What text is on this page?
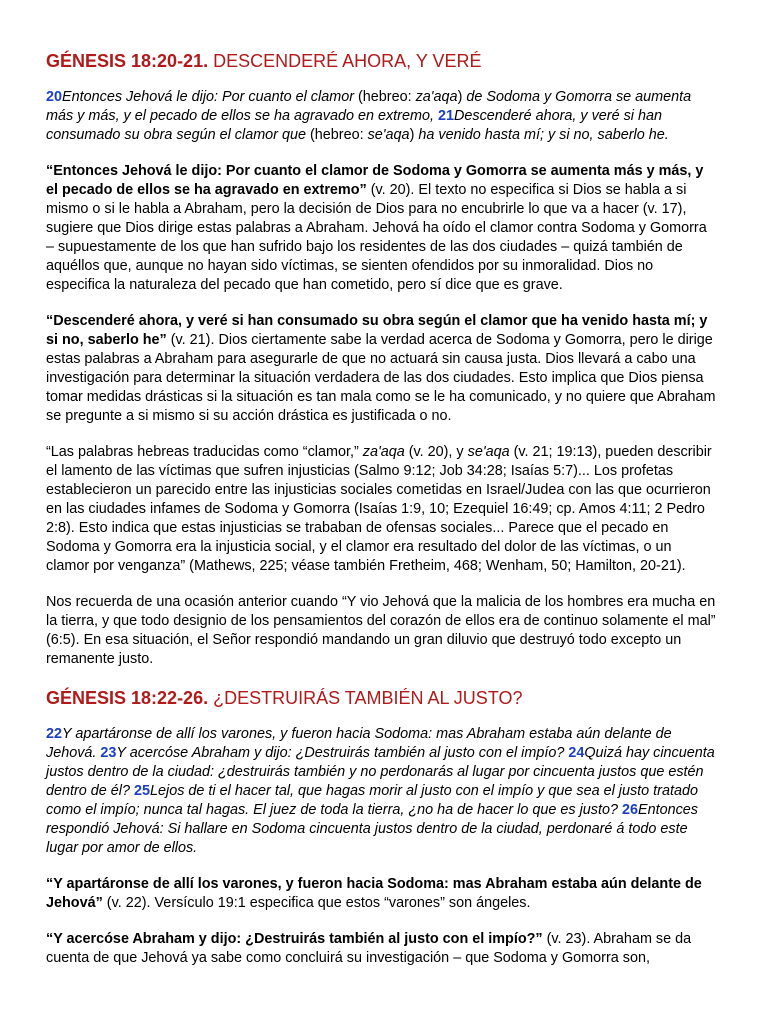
GÉNESIS 18:20-21. DESCENDERÉ AHORA, Y VERÉ

20Entonces Jehová le dijo: Por cuanto el clamor (hebreo: za'aqa) de Sodoma y Gomorra se aumenta más y más, y el pecado de ellos se ha agravado en extremo, 21Descenderé ahora, y veré si han consumado su obra según el clamor que (hebreo: se'aqa) ha venido hasta mí; y si no, saberlo he.

“Entonces Jehová le dijo: Por cuanto el clamor de Sodoma y Gomorra se aumenta más y más, y el pecado de ellos se ha agravado en extremo” (v. 20). El texto no especifica si Dios se habla a si mismo o si le habla a Abraham, pero la decisión de Dios para no encubrirle lo que va a hacer (v. 17), sugiere que Dios dirige estas palabras a Abraham. Jehová ha oído el clamor contra Sodoma y Gomorra – supuestamente de los que han sufrido bajo los residentes de las dos ciudades – quizá también de aquéllos que, aunque no hayan sido víctimas, se sienten ofendidos por su inmoralidad. Dios no especifica la naturaleza del pecado que han cometido, pero sí dice que es grave.

“Descenderé ahora, y veré si han consumado su obra según el clamor que ha venido hasta mí; y si no, saberlo he” (v. 21). Dios ciertamente sabe la verdad acerca de Sodoma y Gomorra, pero le dirige estas palabras a Abraham para asegurarle de que no actuará sin causa justa. Dios llevará a cabo una investigación para determinar la situación verdadera de las dos ciudades. Esto implica que Dios piensa tomar medidas drásticas si la situación es tan mala como se le ha comunicado, y no quiere que Abraham se pregunte a si mismo si su acción drástica es justificada o no.

“Las palabras hebreas traducidas como “clamor,” za'aqa (v. 20), y se'aqa (v. 21; 19:13), pueden describir el lamento de las víctimas que sufren injusticias (Salmo 9:12; Job 34:28; Isaías 5:7)... Los profetas establecieron un parecido entre las injusticias sociales cometidas en Israel/Judea con las que ocurrieron en las ciudades infames de Sodoma y Gomorra (Isaías 1:9, 10; Ezequiel 16:49; cp. Amos 4:11; 2 Pedro 2:8). Esto indica que estas injusticias se trababan de ofensas sociales... Parece que el pecado en Sodoma y Gomorra era la injusticia social, y el clamor era resultado del dolor de las víctimas, o un clamor por venganza” (Mathews, 225; véase también Fretheim, 468; Wenham, 50; Hamilton, 20-21).

Nos recuerda de una ocasión anterior cuando “Y vio Jehová que la malicia de los hombres era mucha en la tierra, y que todo designio de los pensamientos del corazón de ellos era de continuo solamente el mal” (6:5). En esa situación, el Señor respondió mandando un gran diluvio que destruyó todo excepto un remanente justo.

GÉNESIS 18:22-26. ¿DESTRUIRÁS TAMBIÉN AL JUSTO?

22Y apartáronse de allí los varones, y fueron hacia Sodoma: mas Abraham estaba aún delante de Jehová. 23Y acercóse Abraham y dijo: ¿Destruirás también al justo con el impío? 24Quizá hay cincuenta justos dentro de la ciudad: ¿destruirás también y no perdonarás al lugar por cincuenta justos que estén dentro de él? 25Lejos de ti el hacer tal, que hagas morir al justo con el impío y que sea el justo tratado como el impío; nunca tal hagas. El juez de toda la tierra, ¿no ha de hacer lo que es justo? 26Entonces respondió Jehová: Si hallare en Sodoma cincuenta justos dentro de la ciudad, perdonaré á todo este lugar por amor de ellos.

“Y apartáronse de allí los varones, y fueron hacia Sodoma: mas Abraham estaba aún delante de Jehová” (v. 22). Versículo 19:1 especifica que estos “varones” son ángeles.

“Y acercóse Abraham y dijo: ¿Destruirás también al justo con el impío?” (v. 23). Abraham se da cuenta de que Jehová ya sabe como concluirá su investigación – que Sodoma y Gomorra son,
